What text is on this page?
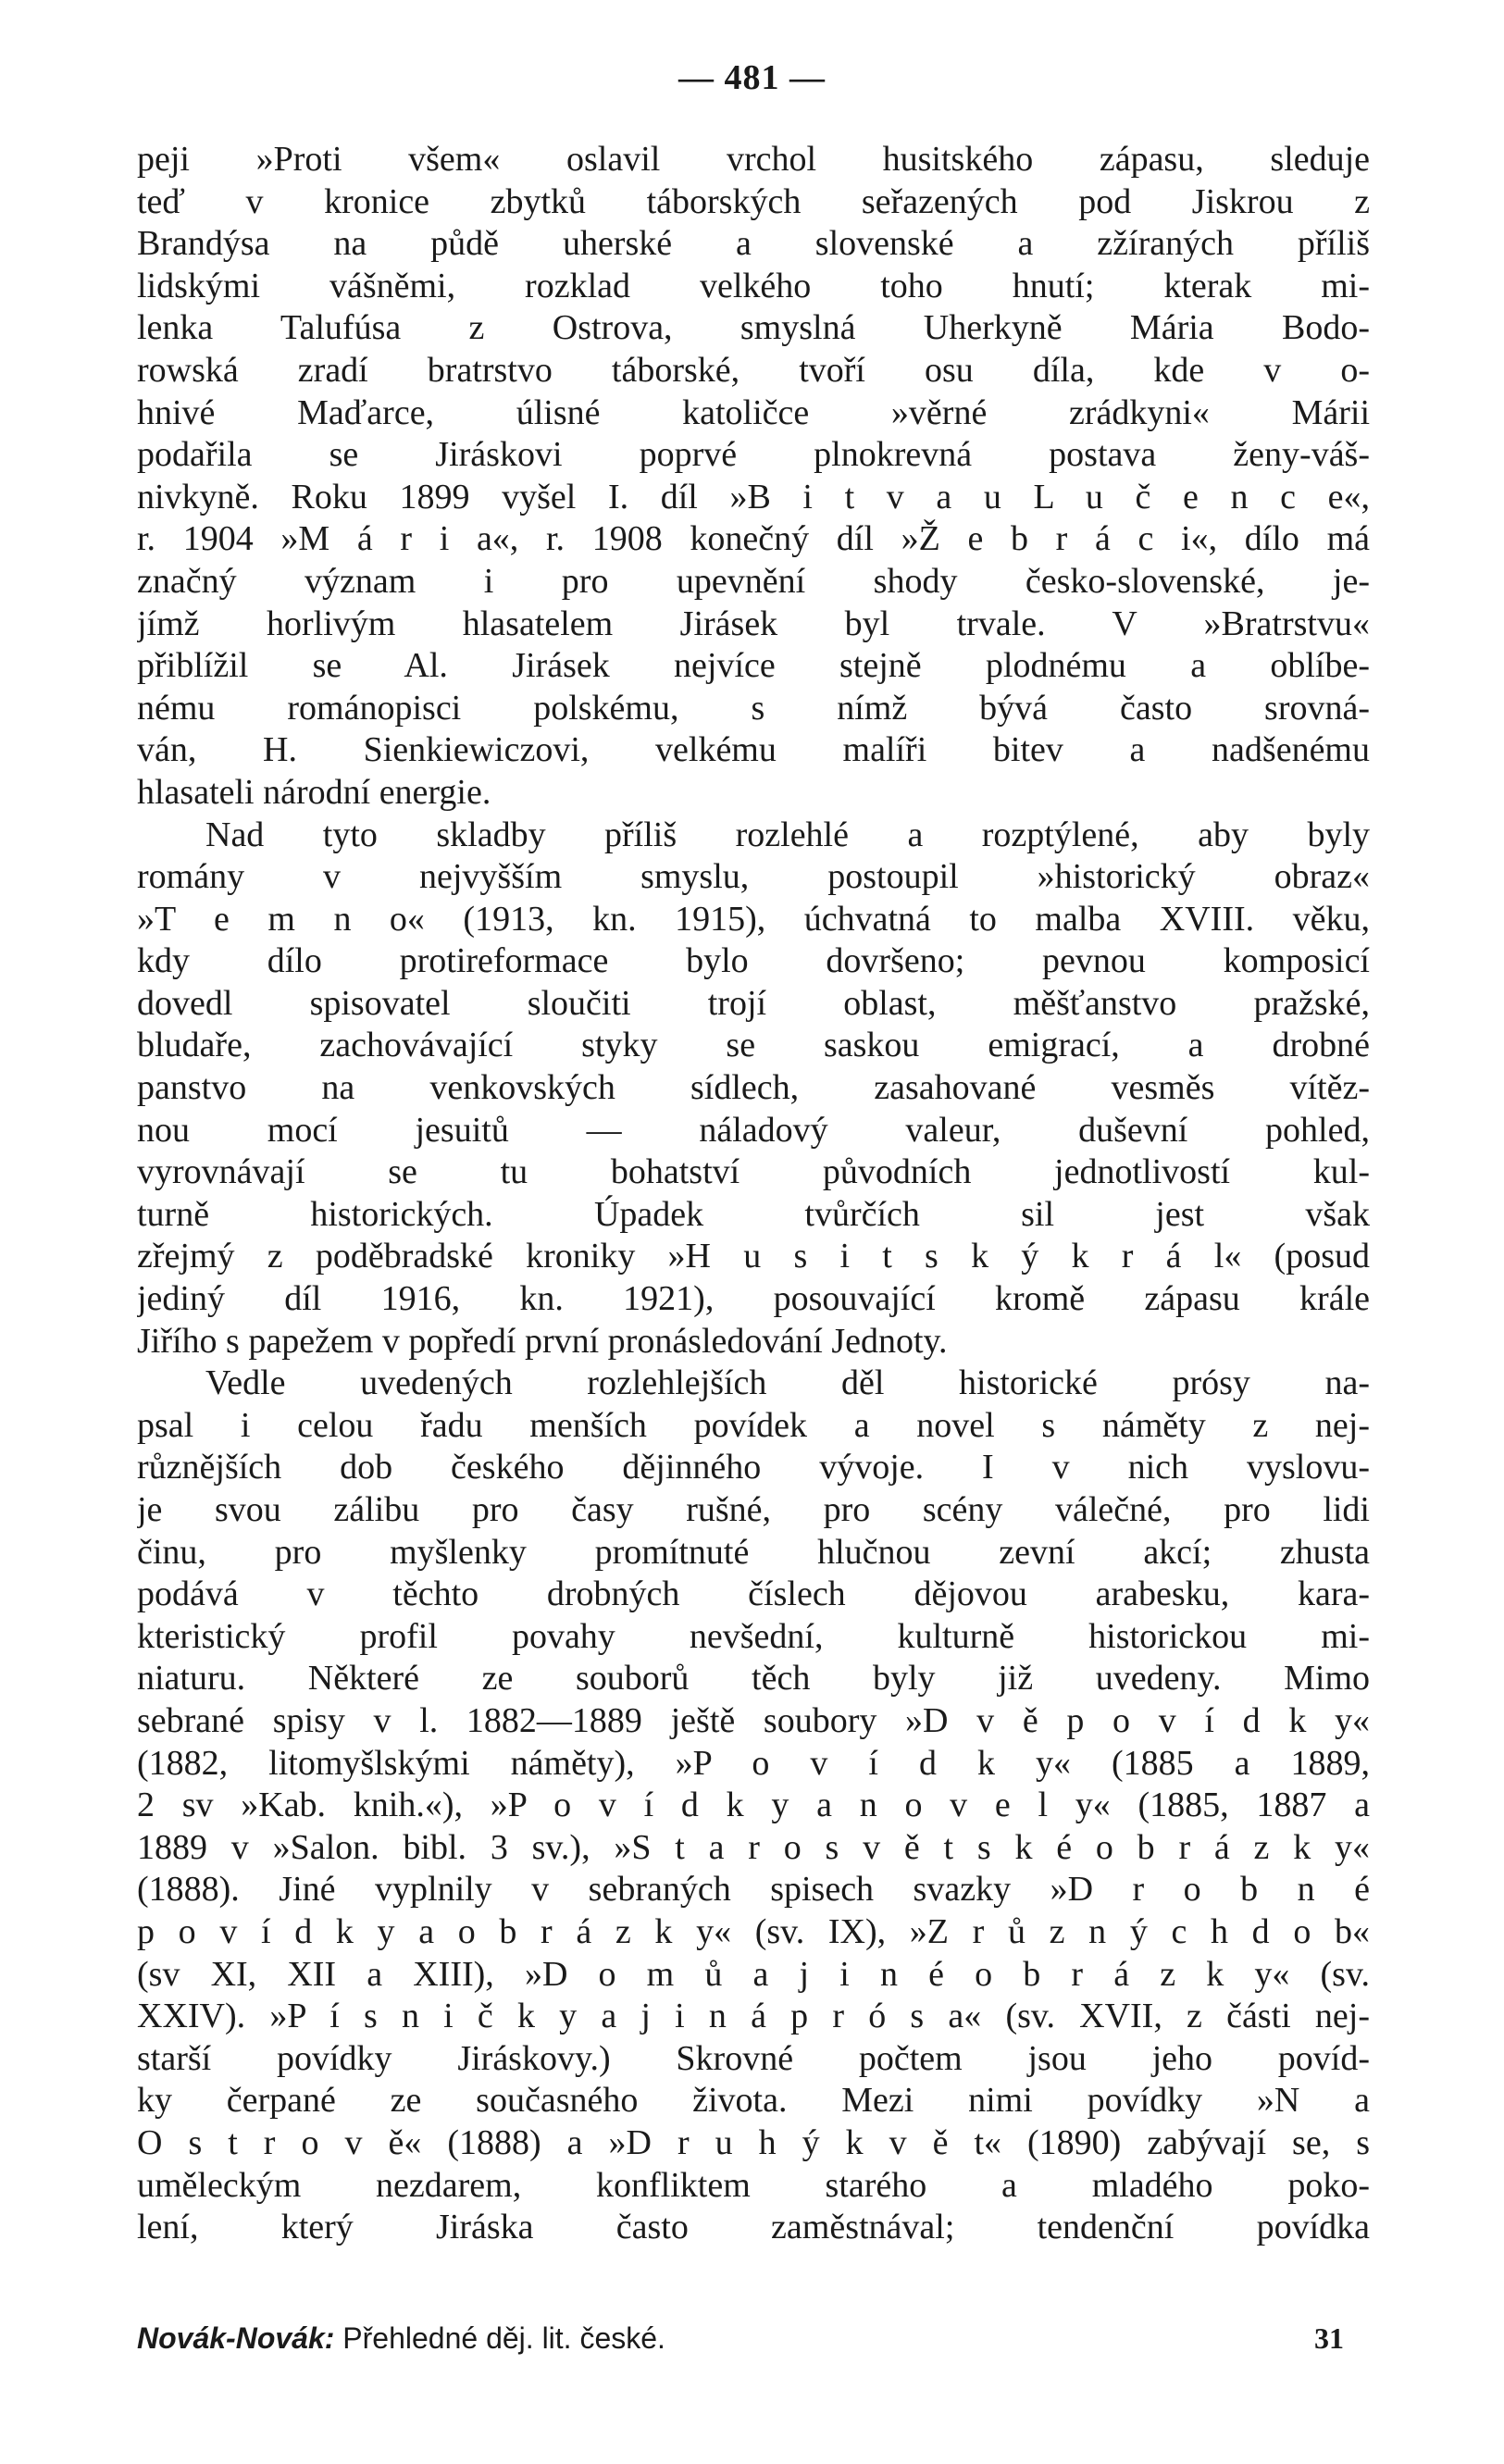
— 481 —
peji »Proti všem« oslavil vrchol husitského zápasu, sleduje
teď v kronice zbytků táborských seřazených pod Jiskrou z
Brandýsa na půdě uherské a slovenské a zžíraných příliš
lidskými vášněmi, rozklad velkého toho hnutí; kterak mi-
lenka Talufúsa z Ostrova, smyslná Uherkyně Mária Bodo-
rowská zradí bratrstvo táborské, tvoří osu díla, kde v o-
hnivé Maďarce, úlisné katoličce »věrné zrádkyni« Márii
podařila se Jiráskovi poprvé plnokrevná postava ženy-váš-
nivkyně. Roku 1899 vyšel I. díl »B i t v a u L u č e n c e«,
r. 1904 »M á r i a«, r. 1908 konečný díl »Ž e b r á c i«, dílo má
značný význam i pro upevnění shody česko-slovenské, je-
jímž horlivým hlasatelem Jirásek byl trvale. V »Bratrstvu«
přiblížil se Al. Jirásek nejvíce stejně plodnému a oblíbe-
nému románopisci polskému, s nímž bývá často srovná-
ván, H. Sienkiewiczovi, velkému malíři bitev a nadšenému
hlasateli národní energie.
Nad tyto skladby příliš rozlehlé a rozptýlené, aby byly
romány v nejvyšším smyslu, postoupil »historický obraz«
»T e m n o« (1913, kn. 1915), úchvatná to malba XVIII. věku,
kdy dílo protireformace bylo dovršeno; pevnou komposicí
dovedl spisovatel sloučiti trojí oblast, měšťanstvo pražské,
bludaře, zachovávající styky se saskou emigrací, a drobné
panstvo na venkovských sídlech, zasahované vesměs vítěz-
nou mocí jesuitů — náladový valeur, duševní pohled,
vyrovnávají se tu bohatství původních jednotlivostí kul-
turně historických. Úpadek tvůrčích sil jest však
zřejmý z poděbradské kroniky »H u s i t s k ý k r á l« (posud
jediný díl 1916, kn. 1921), posouvající kromě zápasu krále
Jiřího s papežem v popředí první pronásledování Jednoty.
Vedle uvedených rozlehlejších děl historické prósy na-
psal i celou řadu menších povídek a novel s náměty z nej-
různějších dob českého dějinného vývoje. I v nich vyslovu-
je svou zálibu pro časy rušné, pro scény válečné, pro lidi
činu, pro myšlenky promítnuté hlučnou zevní akcí; zhusta
podává v těchto drobných číslech dějovou arabesku, kara-
kteristický profil povahy nevšední, kulturně historickou mi-
niaturu. Některé ze souborů těch byly již uvedeny. Mimo
sebrané spisy v l. 1882—1889 ještě soubory »D v ě p o v í d k y«
(1882, litomyšlskými náměty), »P o v í d k y« (1885 a 1889,
2 sv »Kab. knih.«), »P o v í d k y a n o v e l y« (1885, 1887 a
1889 v »Salon. bibl. 3 sv.), »S t a r o s v ě t s k é o b r á z k y«
(1888). Jiné vyplnily v sebraných spisech svazky »D r o b n é
p o v í d k y a o b r á z k y« (sv. IX), »Z r ů z n ý c h d o b«
(sv XI, XII a XIII), »D o m ů a j i n é o b r á z k y« (sv.
XXIV). »P í s n i č k y a j i n á p r ó s a« (sv. XVII, z části nej-
starší povídky Jiráskovy.) Skrovné počtem jsou jeho povíd-
ky čerpané ze současného života. Mezi nimi povídky »N a
O s t r o v ě« (1888) a »D r u h ý k v ě t« (1890) zabývají se, s
uměleckým nezdarem, konfliktem starého a mladého poko-
lení, který Jiráska často zaměstnával; tendenční povídka
Novák-Novák: Přehledné děj. lit. české.	31
